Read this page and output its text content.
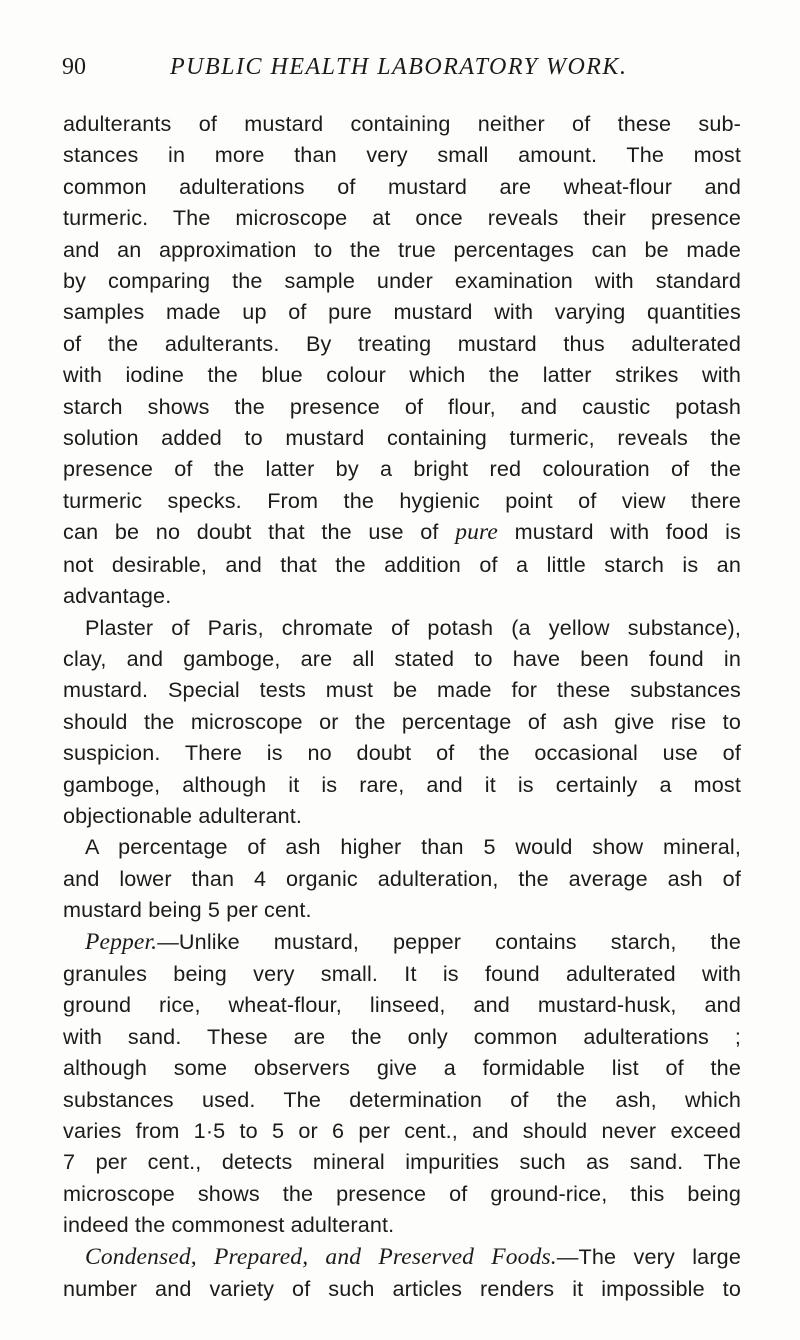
90	PUBLIC HEALTH LABORATORY WORK.
adulterants of mustard containing neither of these sub-
stances in more than very small amount. The most
common adulterations of mustard are wheat-flour and
turmeric. The microscope at once reveals their presence
and an approximation to the true percentages can be made
by comparing the sample under examination with standard
samples made up of pure mustard with varying quantities
of the adulterants. By treating mustard thus adulterated
with iodine the blue colour which the latter strikes with
starch shows the presence of flour, and caustic potash
solution added to mustard containing turmeric, reveals the
presence of the latter by a bright red colouration of the
turmeric specks. From the hygienic point of view there
can be no doubt that the use of pure mustard with food is
not desirable, and that the addition of a little starch is an
advantage.
Plaster of Paris, chromate of potash (a yellow substance),
clay, and gamboge, are all stated to have been found in
mustard. Special tests must be made for these substances
should the microscope or the percentage of ash give rise to
suspicion. There is no doubt of the occasional use of
gamboge, although it is rare, and it is certainly a most
objectionable adulterant.
A percentage of ash higher than 5 would show mineral,
and lower than 4 organic adulteration, the average ash of
mustard being 5 per cent.
Pepper.—Unlike mustard, pepper contains starch, the
granules being very small. It is found adulterated with
ground rice, wheat-flour, linseed, and mustard-husk, and
with sand. These are the only common adulterations ;
although some observers give a formidable list of the
substances used. The determination of the ash, which
varies from 1·5 to 5 or 6 per cent., and should never exceed
7 per cent., detects mineral impurities such as sand. The
microscope shows the presence of ground-rice, this being
indeed the commonest adulterant.
Condensed, Prepared, and Preserved Foods.—The very large
number and variety of such articles renders it impossible to
